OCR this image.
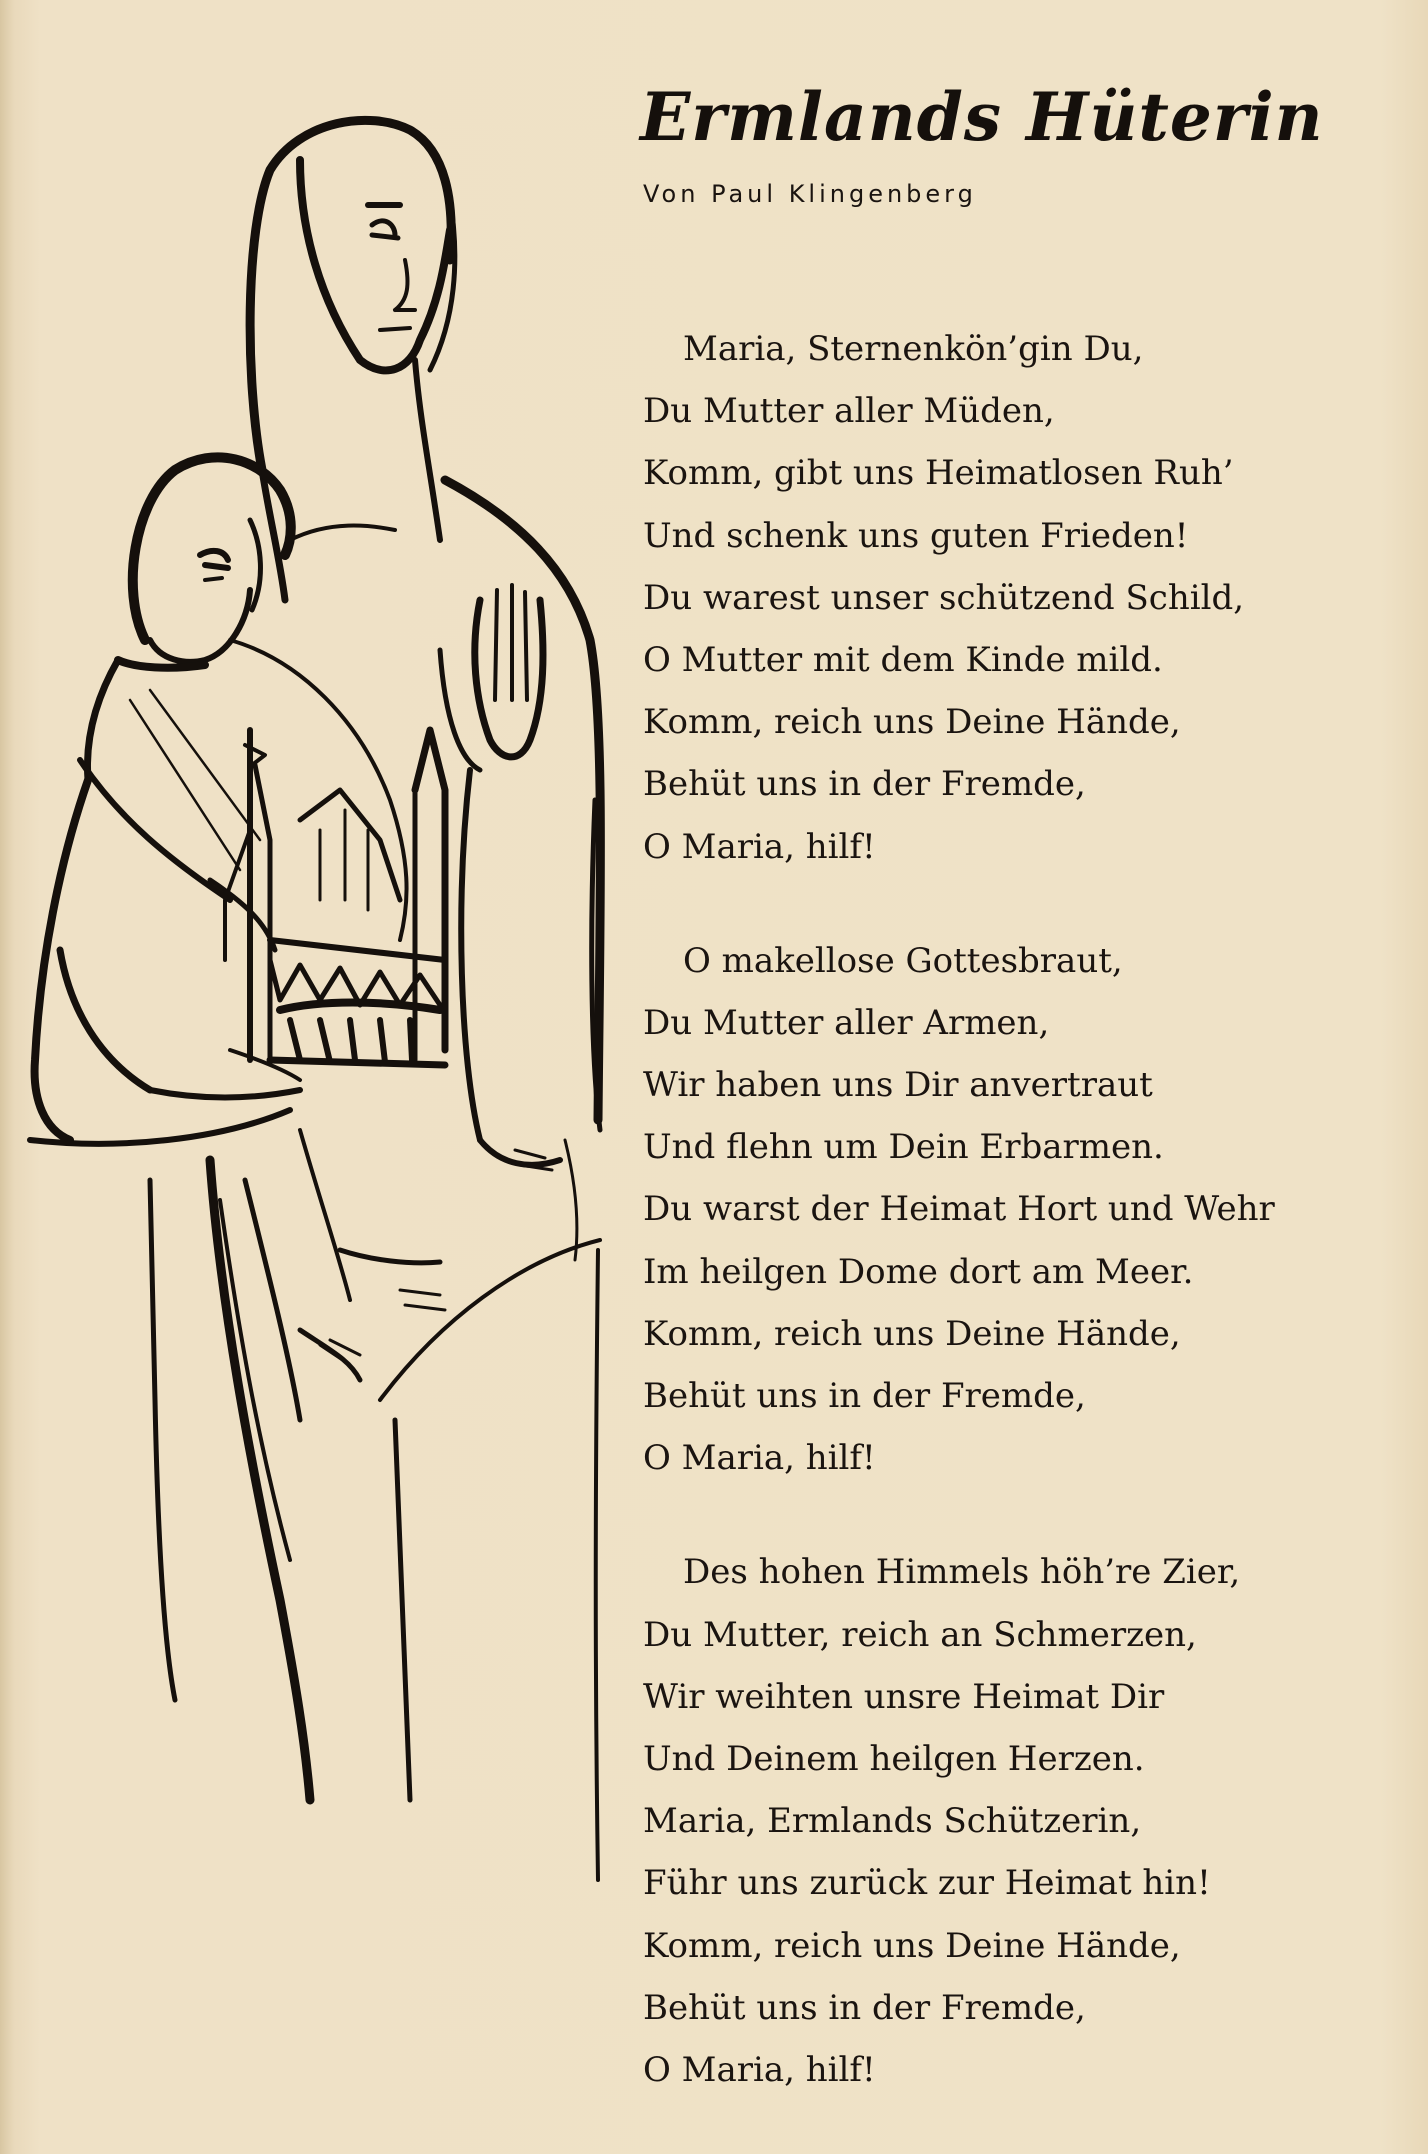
Ermlands Hüterin
Von Paul Klingenberg
Maria, Sternenkön’gin Du,
Du Mutter aller Müden,
Komm, gibt uns Heimatlosen Ruh’
Und schenk uns guten Frieden!
Du warest unser schützend Schild,
O Mutter mit dem Kinde mild.
Komm, reich uns Deine Hände,
Behüt uns in der Fremde,
O Maria, hilf!
O makellose Gottesbraut,
Du Mutter aller Armen,
Wir haben uns Dir anvertraut
Und flehn um Dein Erbarmen.
Du warst der Heimat Hort und Wehr
Im heilgen Dome dort am Meer.
Komm, reich uns Deine Hände,
Behüt uns in der Fremde,
O Maria, hilf!
Des hohen Himmels höh’re Zier,
Du Mutter, reich an Schmerzen,
Wir weihten unsre Heimat Dir
Und Deinem heilgen Herzen.
Maria, Ermlands Schützerin,
Führ uns zurück zur Heimat hin!
Komm, reich uns Deine Hände,
Behüt uns in der Fremde,
O Maria, hilf!
